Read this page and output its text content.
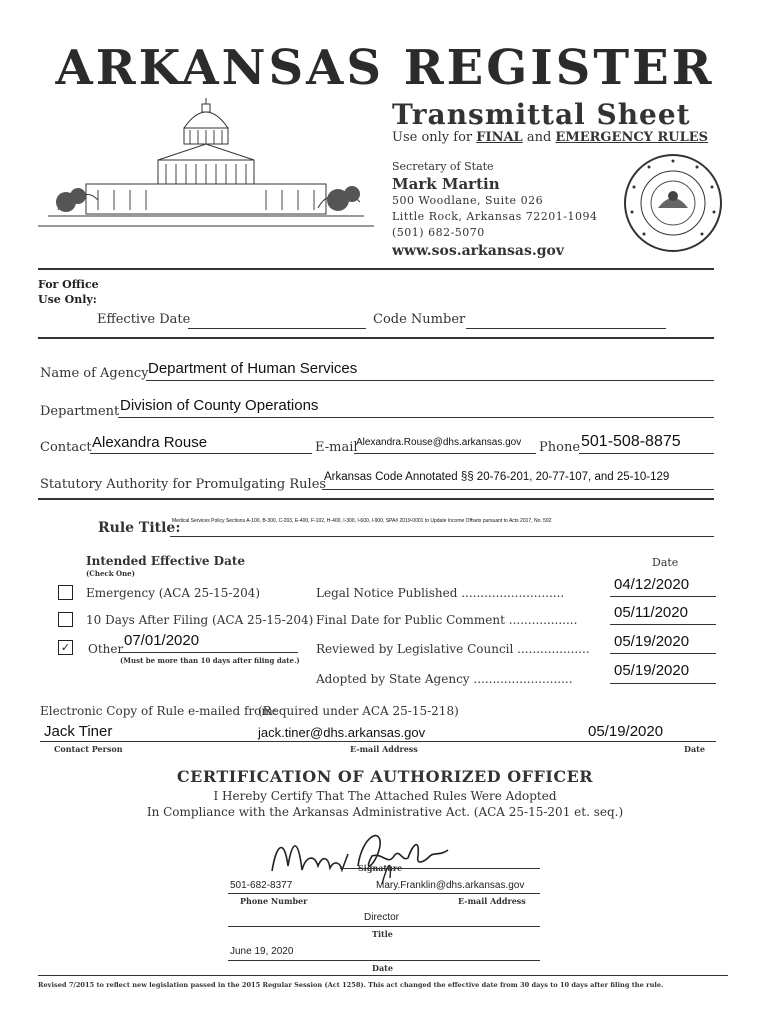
ARKANSAS REGISTER
Transmittal Sheet
Use only for FINAL and EMERGENCY RULES
Secretary of State
Mark Martin
500 Woodlane, Suite 026
Little Rock, Arkansas 72201-1094
(501) 682-5070
www.sos.arkansas.gov
For Office
Use Only:
Effective Date	Code Number
Name of Agency Department of Human Services
Department Division of County Operations
Contact Alexandra Rouse	E-mail
Alexandra.Rouse@dhs.arkansas.gov Phone 501-508-8875
Statutory Authority for Promulgating Rules
Arkansas Code Annotated §§ 20-76-201, 20-77-107, and 25-10-129
Rule Title:
Medical Services Policy Sections A-100, B-300, C-203, E-400, F-102, H-400, I-300, I-600, I-900, SPA# 2019-0001 to Update Income Offsets pursuant to Acts 2017, No. 592
Intended Effective Date
(Check One)
Date
Emergency (ACA 25-15-204)
10 Days After Filing (ACA 25-15-204)
✓ Other 07/01/2020
(Must be more than 10 days after filing date.)
Legal Notice Published ...........................	04/12/2020
Final Date for Public Comment .................. 05/11/2020
Reviewed by Legislative Council ................... 05/19/2020
Adopted by State Agency ..........................	05/19/2020
Electronic Copy of Rule e-mailed from:
(Required under ACA 25-15-218)
Jack Tiner	jack.tiner@dhs.arkansas.gov	05/19/2020
Contact Person	E-mail Address	Date
CERTIFICATION OF AUTHORIZED OFFICER
I Hereby Certify That The Attached Rules Were Adopted
In Compliance with the Arkansas Administrative Act. (ACA 25-15-201 et. seq.)
Signature
501-682-8377	Mary.Franklin@dhs.arkansas.gov
Phone Number	E-mail Address
Director
Title
June 19, 2020
Date
Revised 7/2015 to reflect new legislation passed in the 2015 Regular Session (Act 1258). This act changed the effective date from 30 days to 10 days after filing the rule.
